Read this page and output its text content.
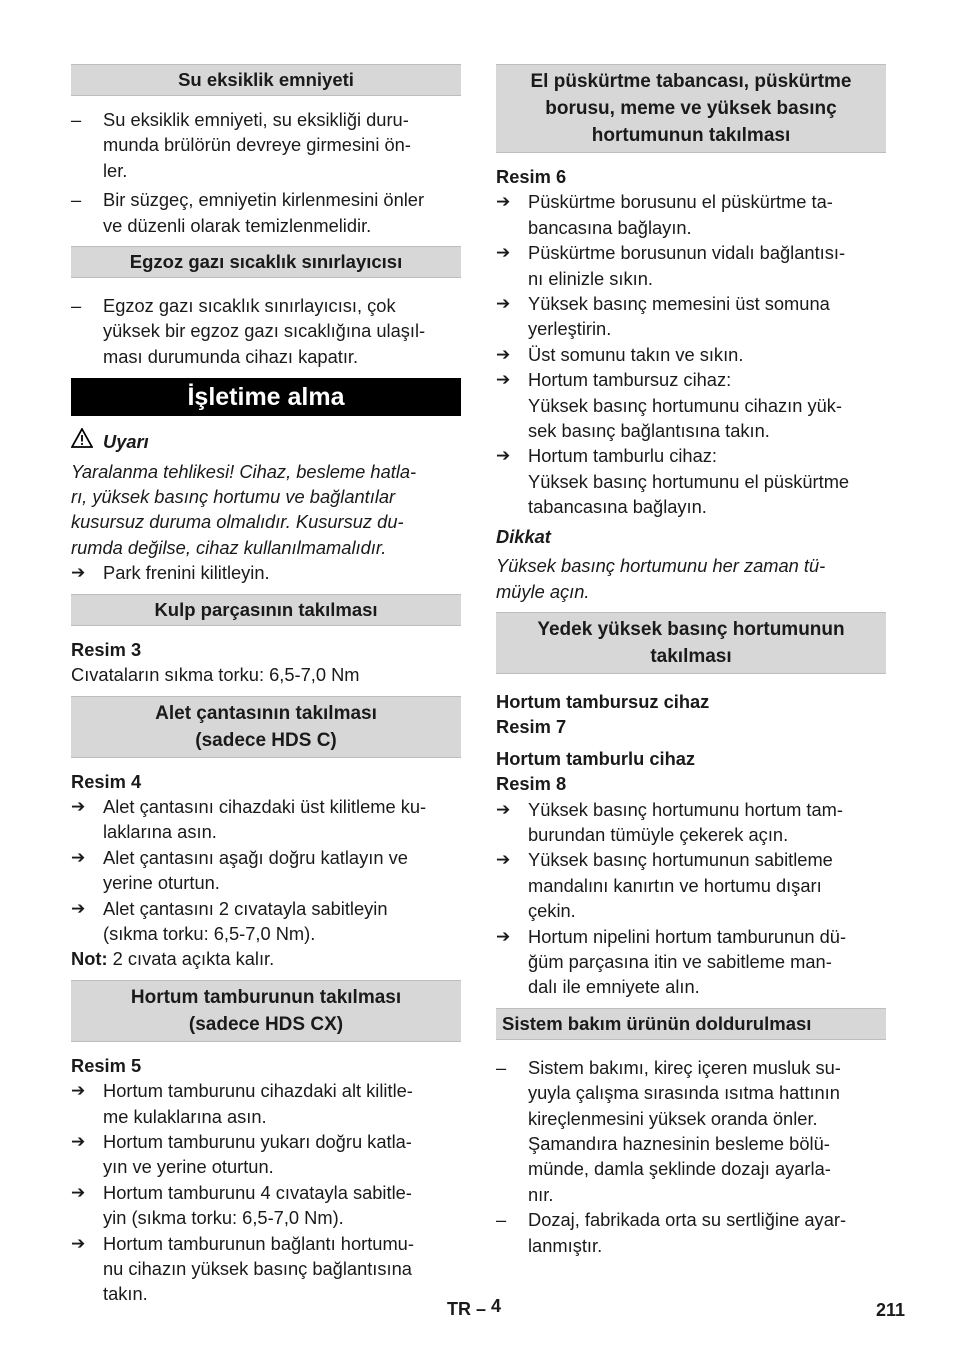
Su eksiklik emniyeti
–	Su eksiklik emniyeti, su eksikliği duru-
munda brülörün devreye girmesini ön-
ler.
–	Bir süzgeç, emniyetin kirlenmesini önler
ve düzenli olarak temizlenmelidir.
Egzoz gazı sıcaklık sınırlayıcısı
–	Egzoz gazı sıcaklık sınırlayıcısı, çok
yüksek bir egzoz gazı sıcaklığına ulaşıl-
ması durumunda cihazı kapatır.
İşletime alma
Uyarı
Yaralanma tehlikesi! Cihaz, besleme hatla-
rı, yüksek basınç hortumu ve bağlantılar
kusursuz duruma olmalıdır. Kusursuz du-
rumda değilse, cihaz kullanılmamalıdır.
➔ Park frenini kilitleyin.
Kulp parçasının takılması
Resim 3
Cıvataların sıkma torku: 6,5-7,0 Nm
Alet çantasının takılması
(sadece HDS C)
Resim 4
➔ Alet çantasını cihazdaki üst kilitleme ku-
laklarına asın.
➔ Alet çantasını aşağı doğru katlayın ve
yerine oturtun.
➔ Alet çantasını 2 cıvatayla sabitleyin
(sıkma torku: 6,5-7,0 Nm).
Not: 2 cıvata açıkta kalır.
Hortum tamburunun takılması
(sadece HDS CX)
Resim 5
➔ Hortum tamburunu cihazdaki alt kilitle-
me kulaklarına asın.
➔ Hortum tamburunu yukarı doğru katla-
yın ve yerine oturtun.
➔ Hortum tamburunu 4 cıvatayla sabitle-
yin (sıkma torku: 6,5-7,0 Nm).
➔ Hortum tamburunun bağlantı hortumu-
nu cihazın yüksek basınç bağlantısına
takın.
El püskürtme tabancası, püskürtme
borusu, meme ve yüksek basınç
hortumunun takılması
Resim 6
➔ Püskürtme borusunu el püskürtme ta-
bancasına bağlayın.
➔ Püskürtme borusunun vidalı bağlantısı-
nı elinizle sıkın.
➔ Yüksek basınç memesini üst somuna
yerleştirin.
➔ Üst somunu takın ve sıkın.
➔ Hortum tambursuz cihaz:
Yüksek basınç hortumunu cihazın yük-
sek basınç bağlantısına takın.
➔ Hortum tamburlu cihaz:
Yüksek basınç hortumunu el püskürtme
tabancasına bağlayın.
Dikkat
Yüksek basınç hortumunu her zaman tü-
müyle açın.
Yedek yüksek basınç hortumunun
takılması
Hortum tambursuz cihaz
Resim 7
Hortum tamburlu cihaz
Resim 8
➔ Yüksek basınç hortumunu hortum tam-
burundan tümüyle çekerek açın.
➔ Yüksek basınç hortumunun sabitleme
mandalını kanırtın ve hortumu dışarı
çekin.
➔ Hortum nipelini hortum tamburunun dü-
ğüm parçasına itin ve sabitleme man-
dalı ile emniyete alın.
Sistem bakım ürünün doldurulması
–	Sistem bakımı, kireç içeren musluk su-
yuyla çalışma sırasında ısıtma hattının
kireçlenmesini yüksek oranda önler.
Şamandıra haznesinin besleme bölü-
münde, damla şeklinde dozajı ayarla-
nır.
–	Dozaj, fabrikada orta su sertliğine ayar-
lanmıştır.
TR – 4	211
